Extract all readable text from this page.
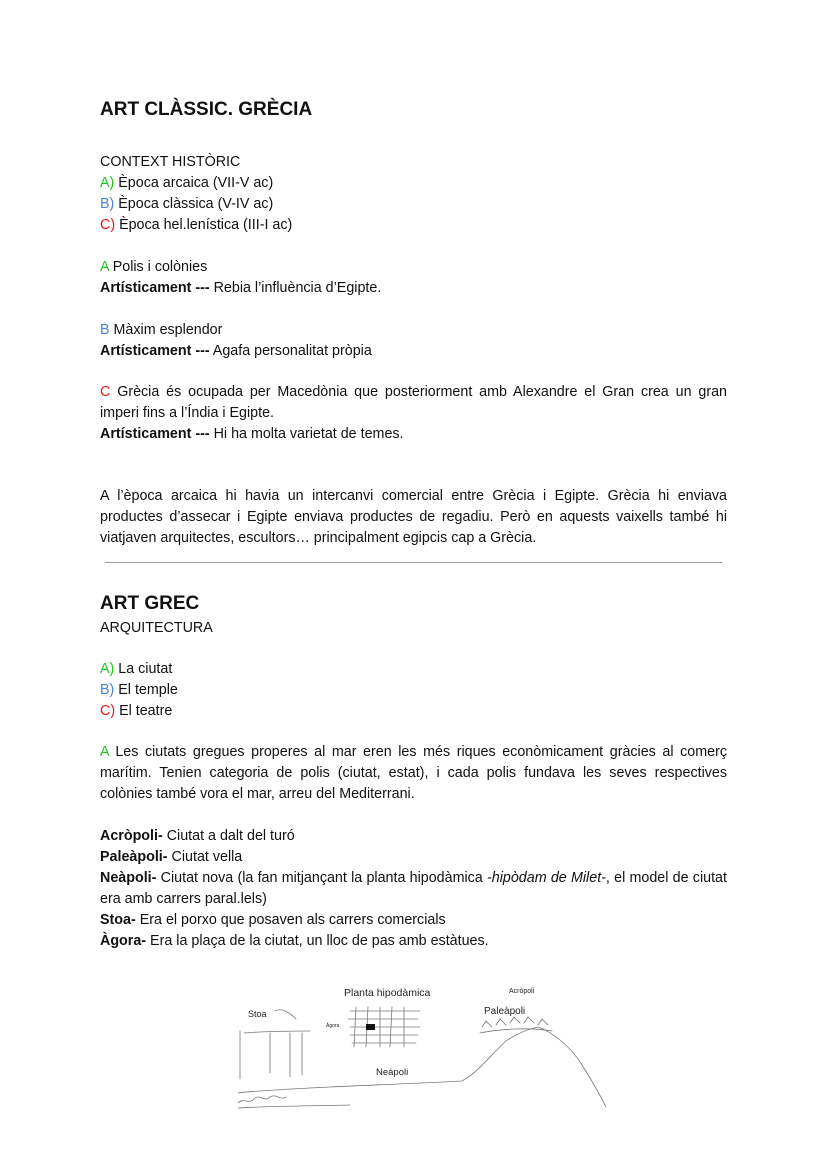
ART CLÀSSIC. GRÈCIA
CONTEXT HISTÒRIC
A) Època arcaica (VII-V ac)
B) Època clàssica (V-IV ac)
C) Època hel.lenística (III-I ac)
A Polis i colònies
Artísticament --- Rebia l’influència d’Egipte.
B Màxim esplendor
Artísticament --- Agafa personalitat pròpia
C Grècia és ocupada per Macedònia que posteriorment amb Alexandre el Gran crea un gran imperi fins a l’Índia i Egipte.
Artísticament --- Hi ha molta varietat de temes.
A l’època arcaica hi havia un intercanvi comercial entre Grècia i Egipte. Grècia hi enviava productes d’assecar i Egipte enviava productes de regadiu. Però en aquests vaixells també hi viatjaven arquitectes, escultors… principalment egipcis cap a Grècia.
ART GREC
ARQUITECTURA
A) La ciutat
B) El temple
C) El teatre
A Les ciutats gregues properes al mar eren les més riques econòmicament gràcies al comerç marítim. Tenien categoria de polis (ciutat, estat), i cada polis fundava les seves respectives colònies també vora el mar, arreu del Mediterrani.
Acròpoli- Ciutat a dalt del turó
Paleàpoli- Ciutat vella
Neàpoli- Ciutat nova (la fan mitjançant la planta hipodàmica -hipòdam de Milet-, el model de ciutat era amb carrers paral.lels)
Stoa- Era el porxo que posaven als carrers comercials
Àgora- Era la plaça de la ciutat, un lloc de pas amb estàtues.
Planta hipodàmica
Stoa
Àgora
Acròpoli
Paleàpoli
Neàpoli
